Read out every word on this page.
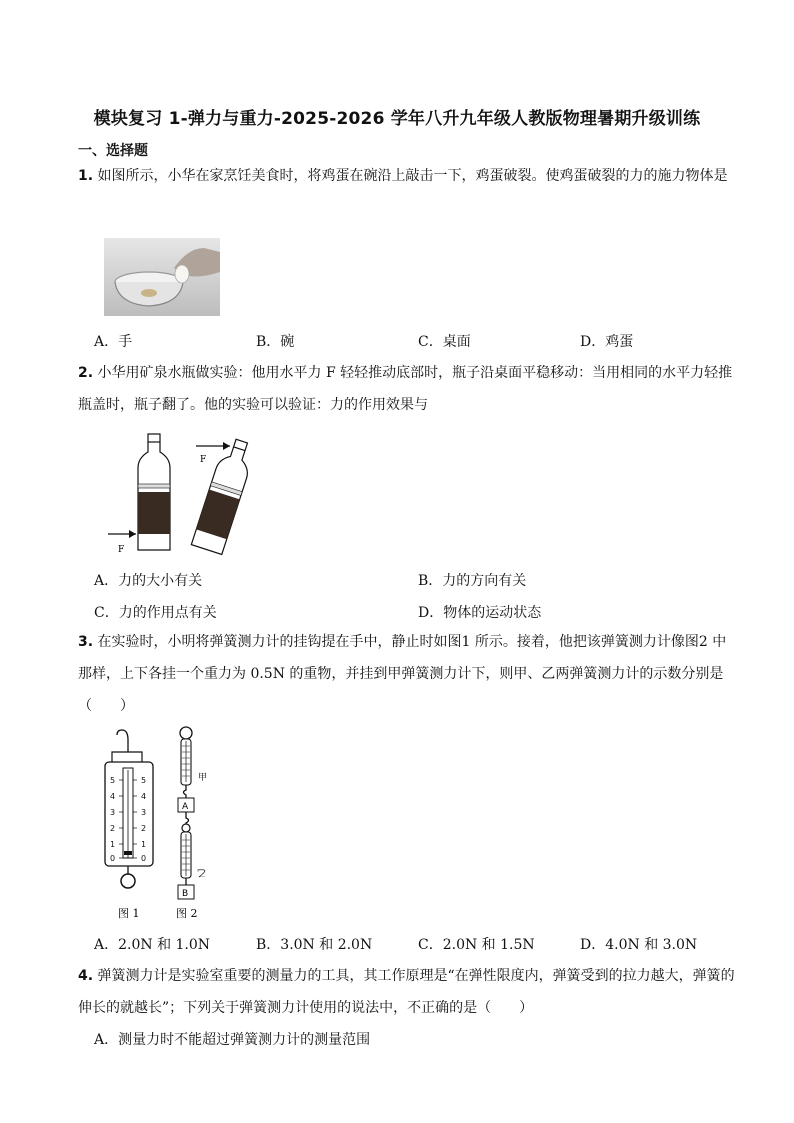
模块复习 1-弹力与重力-2025-2026 学年八升九年级人教版物理暑期升级训练
一、选择题
1. 如图所示，小华在家烹饪美食时，将鸡蛋在碗沿上敲击一下，鸡蛋破裂。使鸡蛋破裂的力的施力物体是
A．手	B．碗	C．桌面	D．鸡蛋
2. 小华用矿泉水瓶做实验：他用水平力 F 轻轻推动底部时，瓶子沿桌面平稳移动：当用相同的水平力轻推瓶盖时，瓶子翻了。他的实验可以验证：力的作用效果与
F
F
A．力的大小有关	B．力的方向有关
C．力的作用点有关	D．物体的运动状态
3. 在实验时，小明将弹簧测力计的挂钩提在手中，静止时如图1 所示。接着，他把该弹簧测力计像图2 中那样，上下各挂一个重力为 0.5N 的重物，并挂到甲弹簧测力计下，则甲、乙两弹簧测力计的示数分别是（　　）
5
4
3
2
1
0
5
4
3
2
1
0
图 1
甲
A
乙
B
图 2
A．2.0N 和 1.0N	B．3.0N 和 2.0N	C．2.0N 和 1.5N	D．4.0N 和 3.0N
4. 弹簧测力计是实验室重要的测量力的工具，其工作原理是“在弹性限度内，弹簧受到的拉力越大，弹簧的伸长的就越长”；下列关于弹簧测力计使用的说法中，不正确的是（　　）
A．测量力时不能超过弹簧测力计的测量范围
